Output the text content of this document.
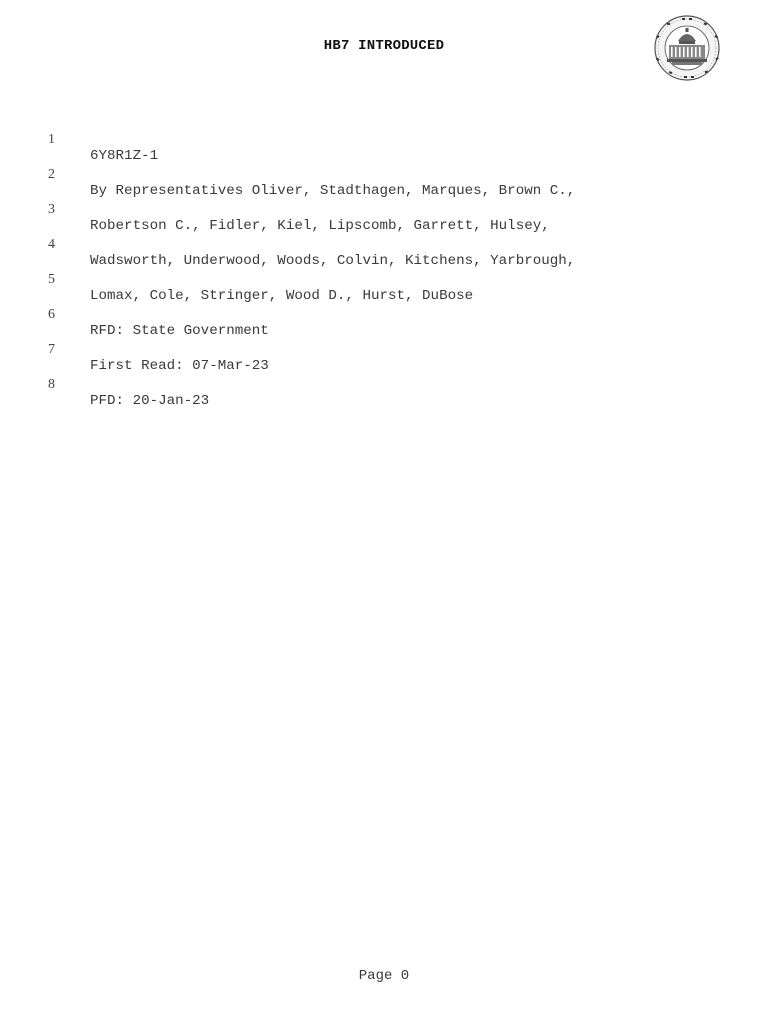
HB7 INTRODUCED

1

6Y8R1Z-1

2

By Representatives Oliver, Stadthagen, Marques, Brown C.,

3

Robertson C., Fidler, Kiel, Lipscomb, Garrett, Hulsey,

4

Wadsworth, Underwood, Woods, Colvin, Kitchens, Yarbrough,

5

Lomax, Cole, Stringer, Wood D., Hurst, DuBose

6

RFD: State Government

7

First Read: 07-Mar-23

8

PFD: 20-Jan-23

Page 0
